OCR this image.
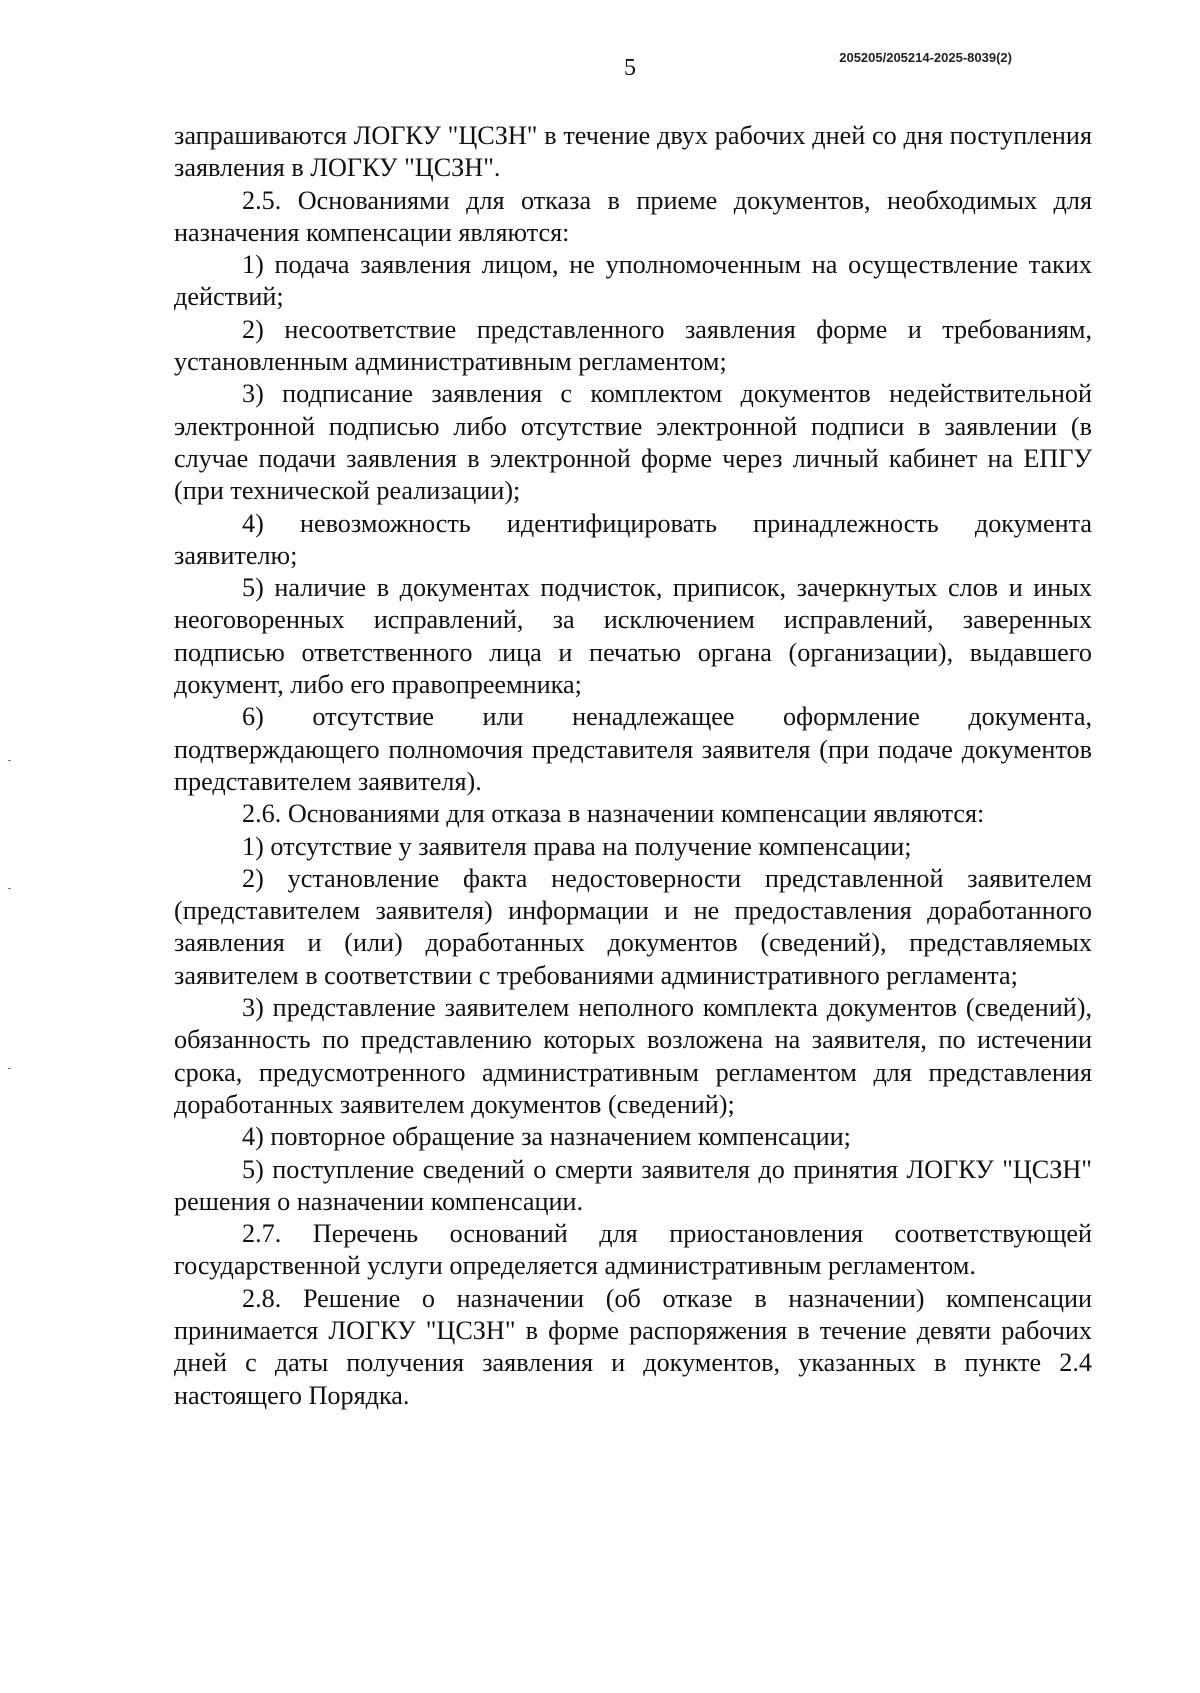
5	205205/205214-2025-8039(2)

запрашиваются ЛОГКУ "ЦСЗН" в течение двух рабочих дней со дня поступления заявления в ЛОГКУ "ЦСЗН".

2.5. Основаниями для отказа в приеме документов, необходимых для назначения компенсации являются:

1) подача заявления лицом, не уполномоченным на осуществление таких действий;

2) несоответствие представленного заявления форме и требованиям, установленным административным регламентом;

3) подписание заявления с комплектом документов недействительной электронной подписью либо отсутствие электронной подписи в заявлении (в случае подачи заявления в электронной форме через личный кабинет на ЕПГУ (при технической реализации);

4) невозможность идентифицировать принадлежность документа заявителю;

5) наличие в документах подчисток, приписок, зачеркнутых слов и иных неоговоренных исправлений, за исключением исправлений, заверенных подписью ответственного лица и печатью органа (организации), выдавшего документ, либо его правопреемника;

6) отсутствие или ненадлежащее оформление документа, подтверждающего полномочия представителя заявителя (при подаче документов представителем заявителя).

2.6. Основаниями для отказа в назначении компенсации являются:

1) отсутствие у заявителя права на получение компенсации;

2) установление факта недостоверности представленной заявителем (представителем заявителя) информации и не предоставления доработанного заявления и (или) доработанных документов (сведений), представляемых заявителем в соответствии с требованиями административного регламента;

3) представление заявителем неполного комплекта документов (сведений), обязанность по представлению которых возложена на заявителя, по истечении срока, предусмотренного административным регламентом для представления доработанных заявителем документов (сведений);

4) повторное обращение за назначением компенсации;

5) поступление сведений о смерти заявителя до принятия ЛОГКУ "ЦСЗН" решения о назначении компенсации.

2.7. Перечень оснований для приостановления соответствующей государственной услуги определяется административным регламентом.

2.8. Решение о назначении (об отказе в назначении) компенсации принимается ЛОГКУ "ЦСЗН" в форме распоряжения в течение девяти рабочих дней с даты получения заявления и документов, указанных в пункте 2.4 настоящего Порядка.
